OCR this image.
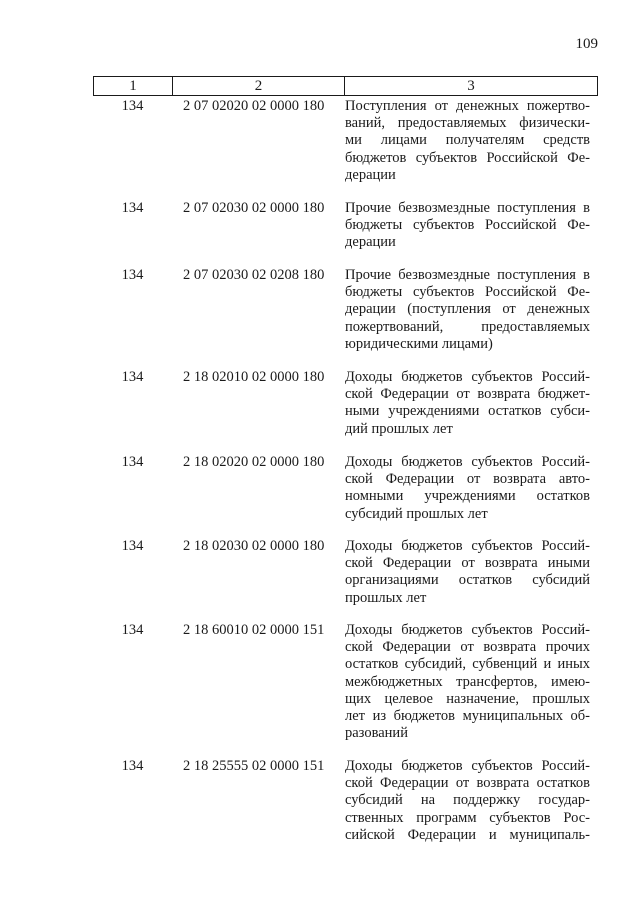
109
1	2	3
134	2 07 02020 02 0000 180	Поступления от денежных пожертво-
ваний, предоставляемых физически-
ми лицами получателям средств
бюджетов субъектов Российской Фе-
дерации
134	2 07 02030 02 0000 180	Прочие безвозмездные поступления в
бюджеты субъектов Российской Фе-
дерации
134	2 07 02030 02 0208 180	Прочие безвозмездные поступления в
бюджеты субъектов Российской Фе-
дерации (поступления от денежных
пожертвований, предоставляемых
юридическими лицами)
134	2 18 02010 02 0000 180	Доходы бюджетов субъектов Россий-
ской Федерации от возврата бюджет-
ными учреждениями остатков субси-
дий прошлых лет
134	2 18 02020 02 0000 180	Доходы бюджетов субъектов Россий-
ской Федерации от возврата авто-
номными учреждениями остатков
субсидий прошлых лет
134	2 18 02030 02 0000 180	Доходы бюджетов субъектов Россий-
ской Федерации от возврата иными
организациями остатков субсидий
прошлых лет
134	2 18 60010 02 0000 151	Доходы бюджетов субъектов Россий-
ской Федерации от возврата прочих
остатков субсидий, субвенций и иных
межбюджетных трансфертов, имею-
щих целевое назначение, прошлых
лет из бюджетов муниципальных об-
разований
134	2 18 25555 02 0000 151	Доходы бюджетов субъектов Россий-
ской Федерации от возврата остатков
субсидий на поддержку государ-
ственных программ субъектов Рос-
сийской Федерации и муниципаль-
